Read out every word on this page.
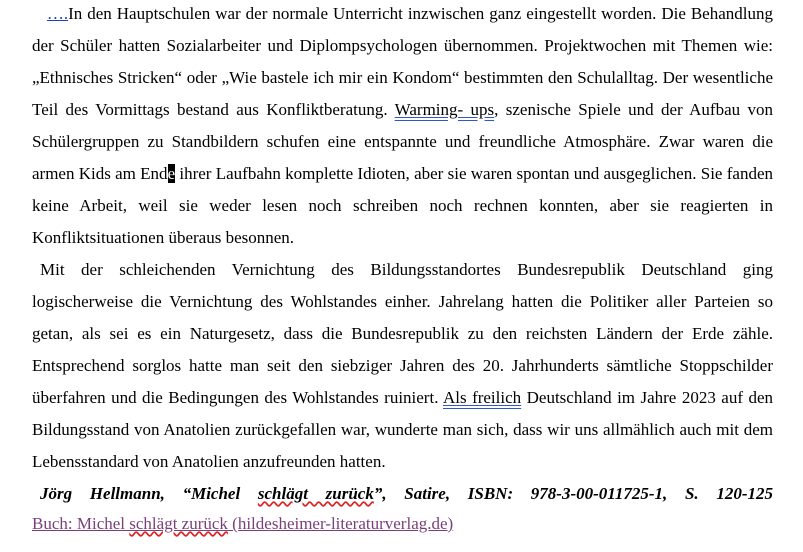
….In den Hauptschulen war der normale Unterricht inzwischen ganz eingestellt worden. Die Behandlung der Schüler hatten Sozialarbeiter und Diplompsychologen übernommen. Projektwochen mit Themen wie: „Ethnisches Stricken“ oder „Wie bastele ich mir ein Kondom“ bestimmten den Schulalltag. Der wesentliche Teil des Vormittags bestand aus Konfliktberatung. Warming- ups, szenische Spiele und der Aufbau von Schülergruppen zu Standbildern schufen eine entspannte und freundliche Atmosphäre. Zwar waren die armen Kids am Ende ihrer Laufbahn komplette Idioten, aber sie waren spontan und ausgeglichen. Sie fanden keine Arbeit, weil sie weder lesen noch schreiben noch rechnen konnten, aber sie reagierten in Konfliktsituationen überaus besonnen.

Mit der schleichenden Vernichtung des Bildungsstandortes Bundesrepublik Deutschland ging logischerweise die Vernichtung des Wohlstandes einher. Jahrelang hatten die Politiker aller Parteien so getan, als sei es ein Naturgesetz, dass die Bundesrepublik zu den reichsten Ländern der Erde zähle. Entsprechend sorglos hatte man seit den siebziger Jahren des 20. Jahrhunderts sämtliche Stoppschilder überfahren und die Bedingungen des Wohlstandes ruiniert. Als freilich Deutschland im Jahre 2023 auf den Bildungsstand von Anatolien zurückgefallen war, wunderte man sich, dass wir uns allmählich auch mit dem Lebensstandard von Anatolien anzufreunden hatten.

Jörg Hellmann, “Michel schlägt zurück”, Satire, ISBN: 978-3-00-011725-1, S. 120-125

Buch: Michel schlägt zurück (hildesheimer-literaturverlag.de)
